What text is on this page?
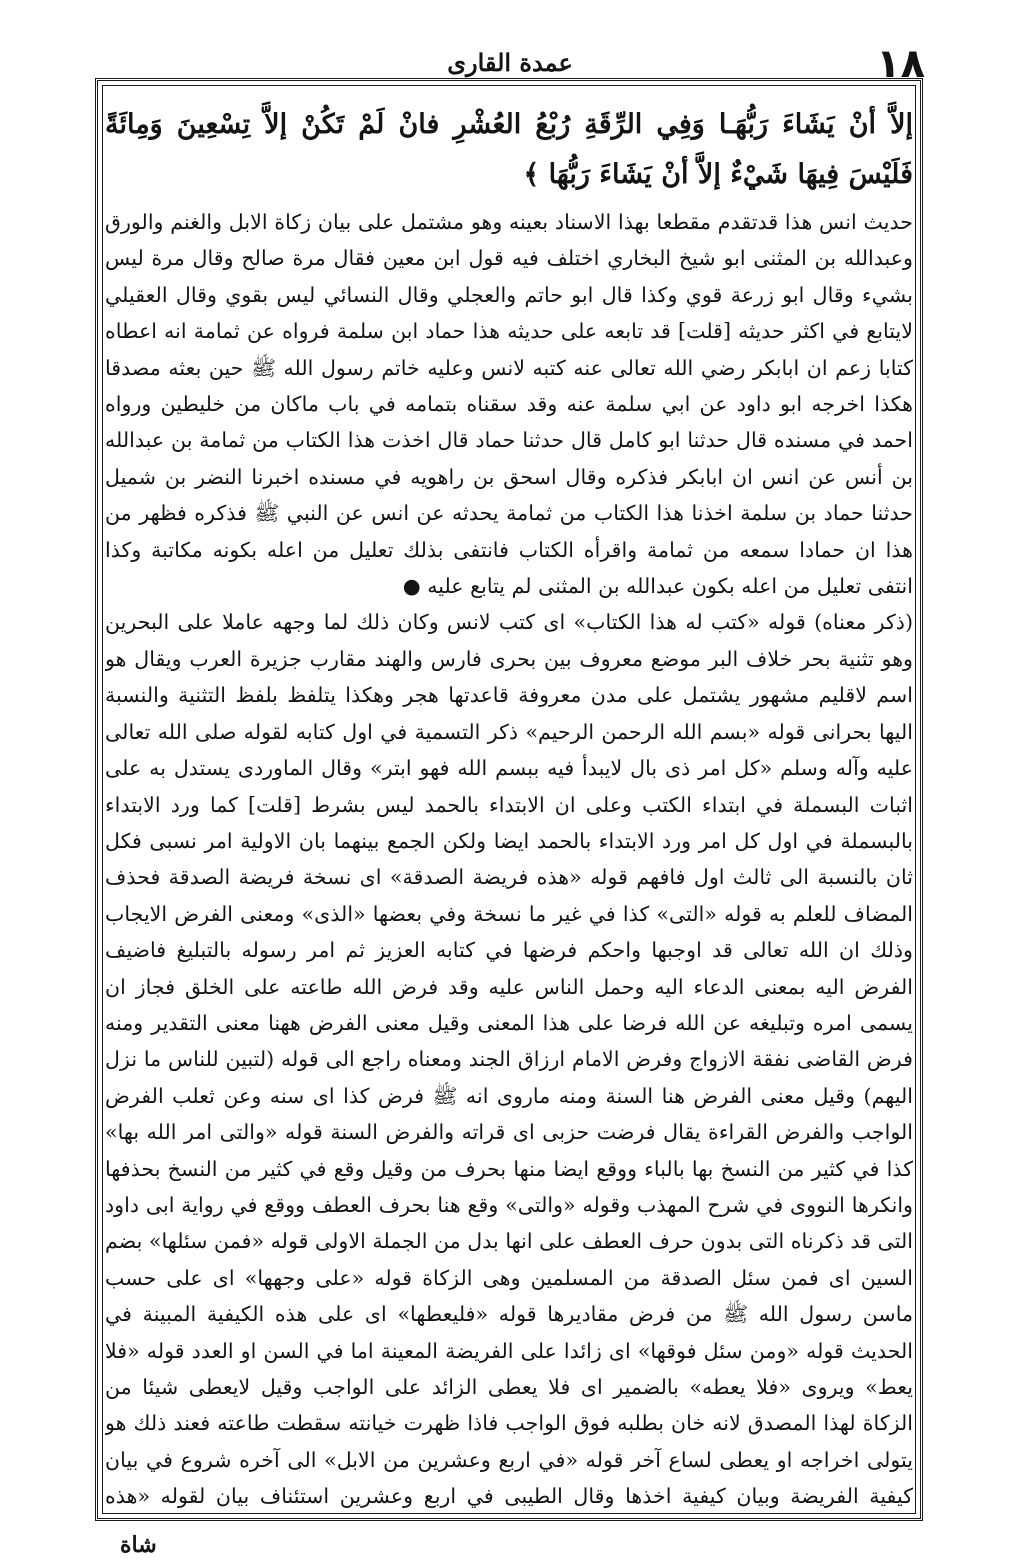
١٨
عمدة القاری

إلاَّ أنْ يَشَاءَ رَبُّهَـا وَفِي الرِّقَةِ رُبْعُ العُشْرِ فانْ لَمْ تَكُنْ إلاَّ تِسْعِينَ وَمِائَةً فَلَيْسَ فِيهَا شَيْءٌ إلاَّ أنْ يَشَاءَ رَبُّهَا ﴾

حديث انس هذا قدتقدم مقطعا بهذا الاسناد بعينه وهو مشتمل على بيان زكاة الابل والغنم والورق وعبدالله بن المثنى ابو شيخ البخاري اختلف فيه قول ابن معين فقال مرة صالح وقال مرة ليس بشيء وقال ابو زرعة قوي وكذا قال ابو حاتم والعجلي وقال النسائي ليس بقوي وقال العقيلي لايتابع في اكثر حديثه [قلت] قد تابعه على حديثه هذا حماد ابن سلمة فرواه عن ثمامة انه اعطاه كتابا زعم ان ابابكر رضي الله تعالى عنه كتبه لانس وعليه خاتم رسول الله ﷺ حين بعثه مصدقا هكذا اخرجه ابو داود عن ابي سلمة عنه وقد سقناه بتمامه في باب ماكان من خليطين ورواه احمد في مسنده قال حدثنا ابو كامل قال حدثنا حماد قال اخذت هذا الكتاب من ثمامة بن عبدالله بن أنس عن انس ان ابابكر فذكره وقال اسحق بن راهويه في مسنده اخبرنا النضر بن شميل حدثنا حماد بن سلمة اخذنا هذا الكتاب من ثمامة يحدثه عن انس عن النبي ﷺ فذكره فظهر من هذا ان حمادا سمعه من ثمامة واقرأه الكتاب فانتفى بذلك تعليل من اعله بكونه مكاتبة وكذا انتفى تعليل من اعله بكون عبدالله بن المثنى لم يتابع عليه ●

(ذكر معناه) قوله «كتب له هذا الكتاب» اى كتب لانس وكان ذلك لما وجهه عاملا على البحرين وهو تثنية بحر خلاف البر موضع معروف بين بحرى فارس والهند مقارب جزيرة العرب ويقال هو اسم لاقليم مشهور يشتمل على مدن معروفة قاعدتها هجر وهكذا يتلفظ بلفظ التثنية والنسبة اليها بحرانى قوله «بسم الله الرحمن الرحيم» ذكر التسمية في اول كتابه لقوله صلى الله تعالى عليه وآله وسلم «كل امر ذى بال لايبدأ فيه ببسم الله فهو ابتر» وقال الماوردى يستدل به على اثبات البسملة في ابتداء الكتب وعلى ان الابتداء بالحمد ليس بشرط [قلت] كما ورد الابتداء بالبسملة في اول كل امر ورد الابتداء بالحمد ايضا ولكن الجمع بينهما بان الاولية امر نسبى فكل ثان بالنسبة الى ثالث اول فافهم قوله «هذه فريضة الصدقة» اى نسخة فريضة الصدقة فحذف المضاف للعلم به قوله «التى» كذا في غير ما نسخة وفي بعضها «الذى» ومعنى الفرض الايجاب وذلك ان الله تعالى قد اوجبها واحكم فرضها في كتابه العزيز ثم امر رسوله بالتبليغ فاضيف الفرض اليه بمعنى الدعاء اليه وحمل الناس عليه وقد فرض الله طاعته على الخلق فجاز ان يسمى امره وتبليغه عن الله فرضا على هذا المعنى وقيل معنى الفرض ههنا معنى التقدير ومنه فرض القاضى نفقة الازواج وفرض الامام ارزاق الجند ومعناه راجع الى قوله (لتبين للناس ما نزل اليهم) وقيل معنى الفرض هنا السنة ومنه ماروى انه ﷺ فرض كذا اى سنه وعن ثعلب الفرض الواجب والفرض القراءة يقال فرضت حزبى اى قراته والفرض السنة قوله «والتى امر الله بها» كذا في كثير من النسخ بها بالباء ووقع ايضا منها بحرف من وقيل وقع في كثير من النسخ بحذفها وانكرها النووى في شرح المهذب وقوله «والتى» وقع هنا بحرف العطف ووقع في رواية ابى داود التى قد ذكرناه التى بدون حرف العطف على انها بدل من الجملة الاولى قوله «فمن سئلها» بضم السين اى فمن سئل الصدقة من المسلمين وهى الزكاة قوله «على وجهها» اى على حسب ماسن رسول الله ﷺ من فرض مقاديرها قوله «فليعطها» اى على هذه الكيفية المبينة في الحديث قوله «ومن سئل فوقها» اى زائدا على الفريضة المعينة اما في السن او العدد قوله «فلا يعط» ويروى «فلا يعطه» بالضمير اى فلا يعطى الزائد على الواجب وقيل لايعطى شيئا من الزكاة لهذا المصدق لانه خان بطلبه فوق الواجب فاذا ظهرت خيانته سقطت طاعته فعند ذلك هو يتولى اخراجه او يعطى لساع آخر قوله «في اربع وعشرين من الابل» الى آخره شروع في بيان كيفية الفريضة وبيان كيفية اخذها وقال الطيبى في اربع وعشرين استئناف بيان لقوله «هذه

شاة
